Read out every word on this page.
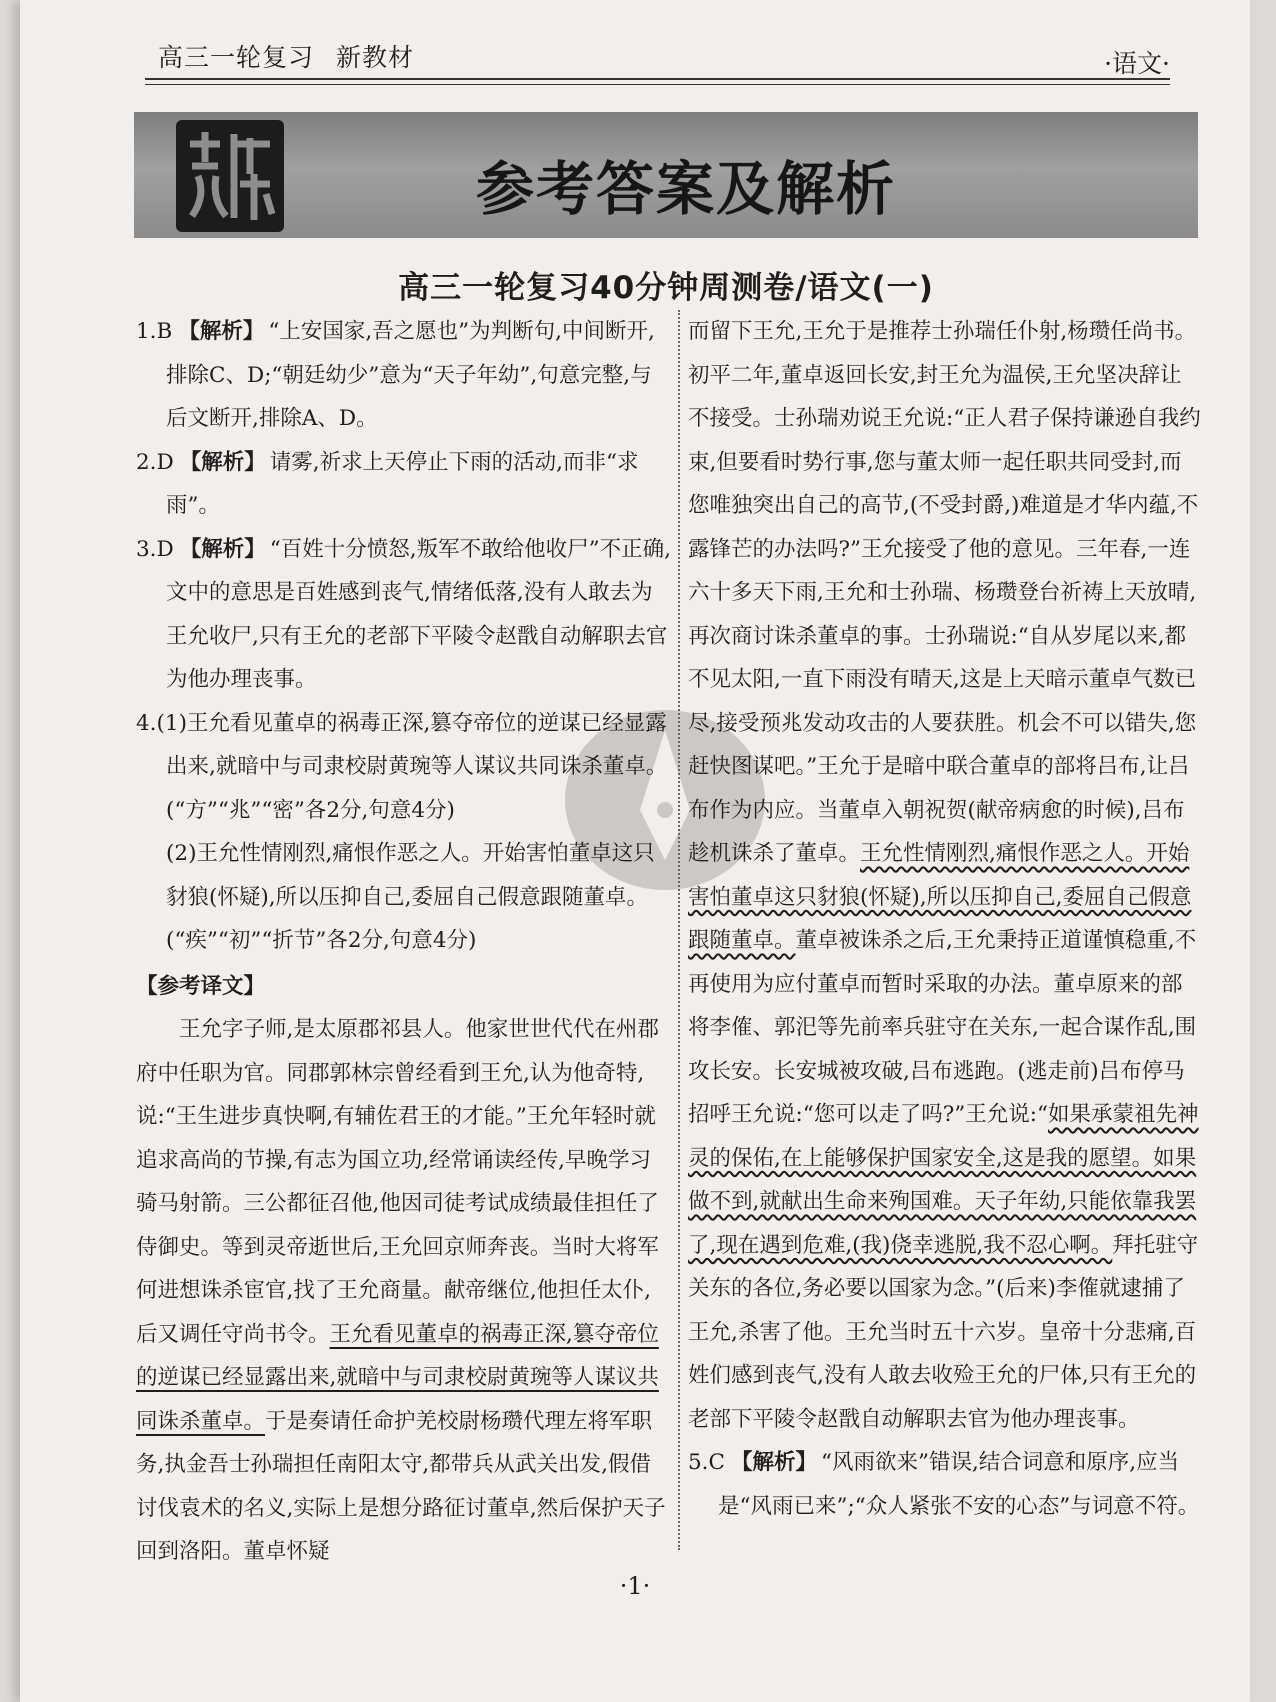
高三一轮复习 新教材	·语文·
衡水	参考答案及解析
高三一轮复习40分钟周测卷/语文(一)

1.B 【解析】 “上安国家,吾之愿也”为判断句,中间断开,排除C、D;“朝廷幼少”意为“天子年幼”,句意完整,与后文断开,排除A、D。

2.D 【解析】 请雾,祈求上天停止下雨的活动,而非“求雨”。

3.D 【解析】 “百姓十分愤怒,叛军不敢给他收尸”不正确,文中的意思是百姓感到丧气,情绪低落,没有人敢去为王允收尸,只有王允的老部下平陵令赵戬自动解职去官为他办理丧事。

4.(1)王允看见董卓的祸毒正深,篡夺帝位的逆谋已经显露出来,就暗中与司隶校尉黄琬等人谋议共同诛杀董卓。(“方”“兆”“密”各2分,句意4分)

(2)王允性情刚烈,痛恨作恶之人。开始害怕董卓这只豺狼(怀疑),所以压抑自己,委屈自己假意跟随董卓。(“疾”“初”“折节”各2分,句意4分)

【参考译文】

王允字子师,是太原郡祁县人。他家世世代代在州郡府中任职为官。同郡郭林宗曾经看到王允,认为他奇特,说:“王生进步真快啊,有辅佐君王的才能。”王允年轻时就追求高尚的节操,有志为国立功,经常诵读经传,早晚学习骑马射箭。三公都征召他,他因司徒考试成绩最佳担任了侍御史。等到灵帝逝世后,王允回京师奔丧。当时大将军何进想诛杀宦官,找了王允商量。献帝继位,他担任太仆,后又调任守尚书令。王允看见董卓的祸毒正深,篡夺帝位的逆谋已经显露出来,就暗中与司隶校尉黄琬等人谋议共同诛杀董卓。于是奏请任命护羌校尉杨瓒代理左将军职务,执金吾士孙瑞担任南阳太守,都带兵从武关出发,假借讨伐袁术的名义,实际上是想分路征讨董卓,然后保护天子回到洛阳。董卓怀疑

而留下王允,王允于是推荐士孙瑞任仆射,杨瓒任尚书。初平二年,董卓返回长安,封王允为温侯,王允坚决辞让不接受。士孙瑞劝说王允说:“正人君子保持谦逊自我约束,但要看时势行事,您与董太师一起任职共同受封,而您唯独突出自己的高节,(不受封爵,)难道是才华内蕴,不露锋芒的办法吗?”王允接受了他的意见。三年春,一连六十多天下雨,王允和士孙瑞、杨瓒登台祈祷上天放晴,再次商讨诛杀董卓的事。士孙瑞说:“自从岁尾以来,都不见太阳,一直下雨没有晴天,这是上天暗示董卓气数已尽,接受预兆发动攻击的人要获胜。机会不可以错失,您赶快图谋吧。”王允于是暗中联合董卓的部将吕布,让吕布作为内应。当董卓入朝祝贺(献帝病愈的时候),吕布趁机诛杀了董卓。王允性情刚烈,痛恨作恶之人。开始害怕董卓这只豺狼(怀疑),所以压抑自己,委屈自己假意跟随董卓。董卓被诛杀之后,王允秉持正道谨慎稳重,不再使用为应付董卓而暂时采取的办法。董卓原来的部将李傕、郭汜等先前率兵驻守在关东,一起合谋作乱,围攻长安。长安城被攻破,吕布逃跑。(逃走前)吕布停马招呼王允说:“您可以走了吗?”王允说:“如果承蒙祖先神灵的保佑,在上能够保护国家安全,这是我的愿望。如果做不到,就献出生命来殉国难。天子年幼,只能依靠我罢了,现在遇到危难,(我)侥幸逃脱,我不忍心啊。拜托驻守关东的各位,务必要以国家为念。”(后来)李傕就逮捕了王允,杀害了他。王允当时五十六岁。皇帝十分悲痛,百姓们感到丧气,没有人敢去收殓王允的尸体,只有王允的老部下平陵令赵戬自动解职去官为他办理丧事。

5.C 【解析】 “风雨欲来”错误,结合词意和原序,应当是“风雨已来”;“众人紧张不安的心态”与词意不符。

·1·
